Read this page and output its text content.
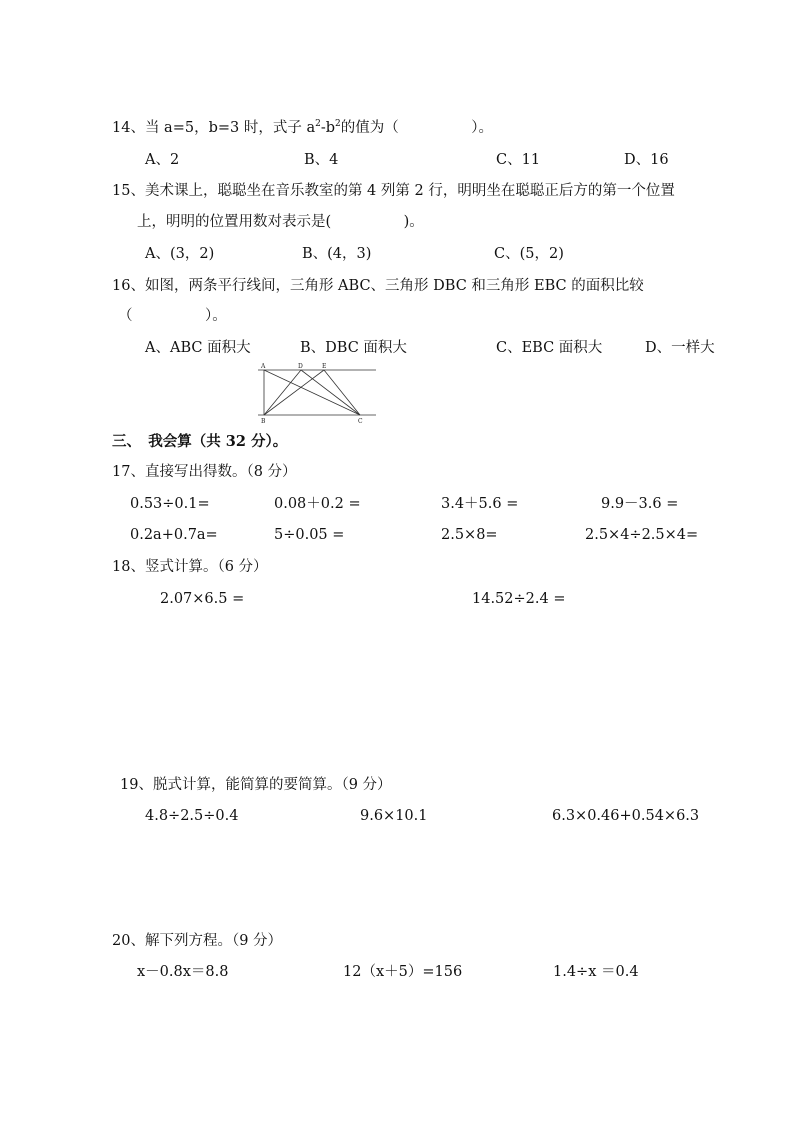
14、当 a=5，b=3 时，式子 $a^2-b^2$的值为（　　　　　）。
A、2	B、4	C、11	D、16
15、美术课上，聪聪坐在音乐教室的第 4 列第 2 行，明明坐在聪聪正后方的第一个位置
上，明明的位置用数对表示是(　　　　　)。
A、(3，2)	B、(4，3)	C、(5，2)
16、如图，两条平行线间，三角形 ABC、三角形 DBC 和三角形 EBC 的面积比较
（　　　　　）。
A、ABC 面积大	B、DBC 面积大	C、EBC 面积大	D、一样大
A	D	E
B	C
三、　我会算（共 32 分）。
17、直接写出得数。（8 分）
0.53÷0.1=	0.08＋0.2 =	3.4＋5.6 =	9.9－3.6 =
0.2a+0.7a=	5÷0.05 =	2.5×8=	2.5×4÷2.5×4=
18、竖式计算。（6 分）
2.07×6.5 =	14.52÷2.4 =
19、脱式计算，能简算的要简算。（9 分）
4.8÷2.5÷0.4	9.6×10.1	6.3×0.46+0.54×6.3
20、解下列方程。（9 分）
x－0.8x＝8.8	12（x＋5）=156	1.4÷x ＝0.4
